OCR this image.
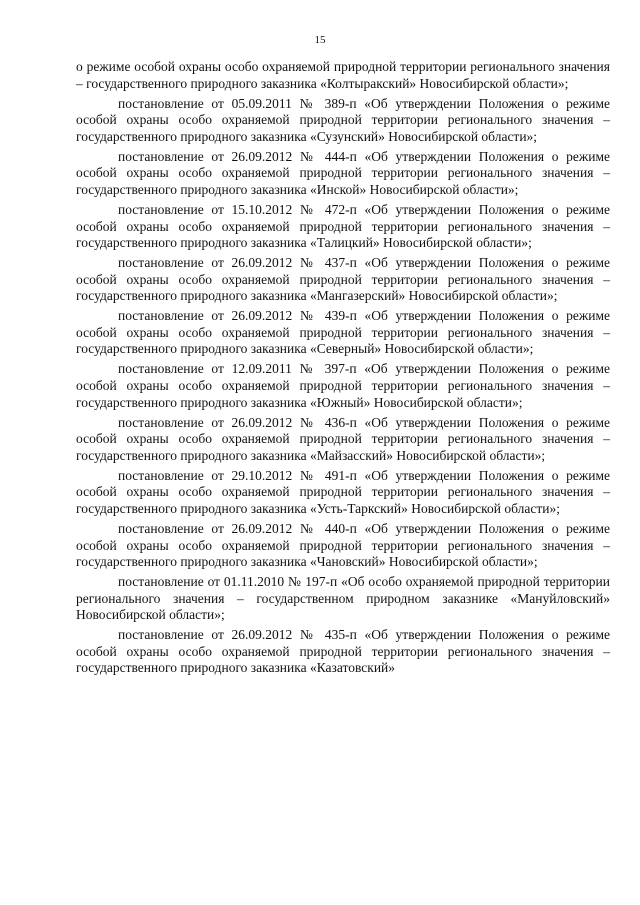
15

о режиме особой охраны особо охраняемой природной территории регионального значения – государственного природного заказника «Колтыракский» Новосибирской области»;

постановление от 05.09.2011 № 389-п «Об утверждении Положения о режиме особой охраны особо охраняемой природной территории регионального значения – государственного природного заказника «Сузунский» Новосибирской области»;

постановление от 26.09.2012 № 444-п «Об утверждении Положения о режиме особой охраны особо охраняемой природной территории регионального значения – государственного природного заказника «Инской» Новосибирской области»;

постановление от 15.10.2012 № 472-п «Об утверждении Положения о режиме особой охраны особо охраняемой природной территории регионального значения – государственного природного заказника «Талицкий» Новосибирской области»;

постановление от 26.09.2012 № 437-п «Об утверждении Положения о режиме особой охраны особо охраняемой природной территории регионального значения – государственного природного заказника «Мангазерский» Новосибирской области»;

постановление от 26.09.2012 № 439-п «Об утверждении Положения о режиме особой охраны особо охраняемой природной территории регионального значения – государственного природного заказника «Северный» Новосибирской области»;

постановление от 12.09.2011 № 397-п «Об утверждении Положения о режиме особой охраны особо охраняемой природной территории регионального значения – государственного природного заказника «Южный» Новосибирской области»;

постановление от 26.09.2012 № 436-п «Об утверждении Положения о режиме особой охраны особо охраняемой природной территории регионального значения – государственного природного заказника «Майзасский» Новосибирской области»;

постановление от 29.10.2012 № 491-п «Об утверждении Положения о режиме особой охраны особо охраняемой природной территории регионального значения – государственного природного заказника «Усть-Таркский» Новосибирской области»;

постановление от 26.09.2012 № 440-п «Об утверждении Положения о режиме особой охраны особо охраняемой природной территории регионального значения – государственного природного заказника «Чановский» Новосибирской области»;

постановление от 01.11.2010 № 197-п «Об особо охраняемой природной территории регионального значения – государственном природном заказнике «Мануйловский» Новосибирской области»;

постановление от 26.09.2012 № 435-п «Об утверждении Положения о режиме особой охраны особо охраняемой природной территории регионального значения – государственного природного заказника «Казатовский»
